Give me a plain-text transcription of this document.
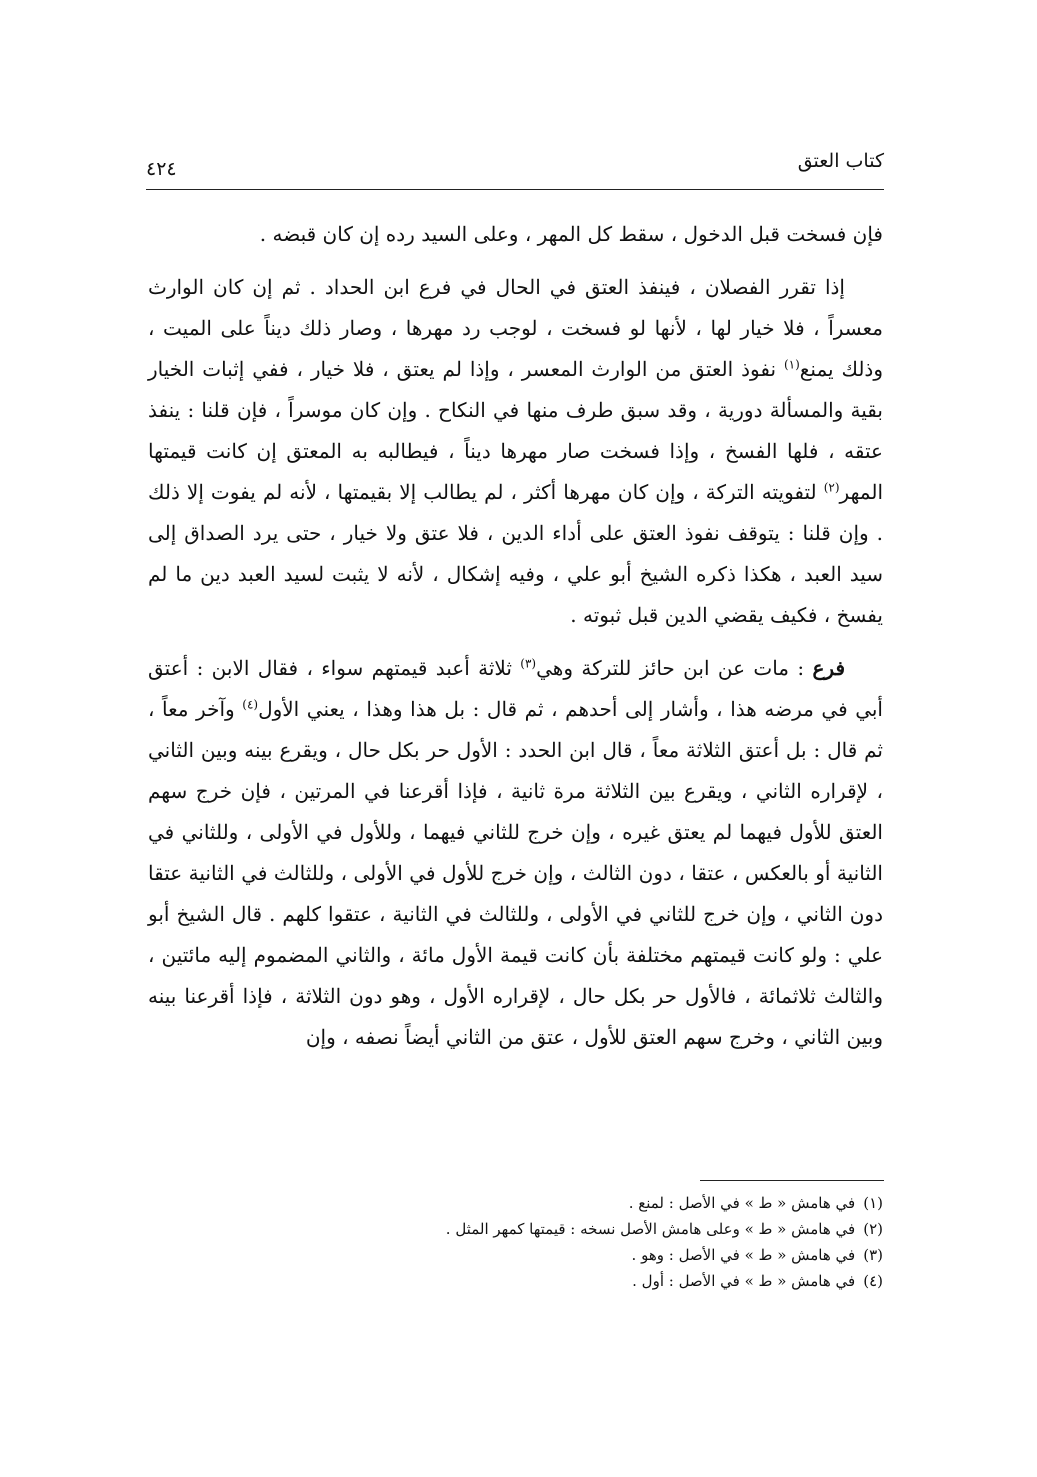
كتاب العتق
٤٢٤

فإن فسخت قبل الدخول ، سقط كل المهر ، وعلى السيد رده إن كان قبضه .

إذا تقرر الفصلان ، فينفذ العتق في الحال في فرع ابن الحداد . ثم إن كان الوارث معسراً ، فلا خيار لها ، لأنها لو فسخت ، لوجب رد مهرها ، وصار ذلك ديناً على الميت ، وذلك يمنع$^{(١)}$ نفوذ العتق من الوارث المعسر ، وإذا لم يعتق ، فلا خيار ، ففي إثبات الخيار بقية والمسألة دورية ، وقد سبق طرف منها في النكاح . وإن كان موسراً ، فإن قلنا : ينفذ عتقه ، فلها الفسخ ، وإذا فسخت صار مهرها ديناً ، فيطالبه به المعتق إن كانت قيمتها المهر$^{(٢)}$ لتفويته التركة ، وإن كان مهرها أكثر ، لم يطالب إلا بقيمتها ، لأنه لم يفوت إلا ذلك . وإن قلنا : يتوقف نفوذ العتق على أداء الدين ، فلا عتق ولا خيار ، حتى يرد الصداق إلى سيد العبد ، هكذا ذكره الشيخ أبو علي ، وفيه إشكال ، لأنه لا يثبت لسيد العبد دين ما لم يفسخ ، فكيف يقضي الدين قبل ثبوته .

فرع : مات عن ابن حائز للتركة وهي$^{(٣)}$ ثلاثة أعبد قيمتهم سواء ، فقال الابن : أعتق أبي في مرضه هذا ، وأشار إلى أحدهم ، ثم قال : بل هذا وهذا ، يعني الأول$^{(٤)}$ وآخر معاً ، ثم قال : بل أعتق الثلاثة معاً ، قال ابن الحدد : الأول حر بكل حال ، ويقرع بينه وبين الثاني ، لإقراره الثاني ، ويقرع بين الثلاثة مرة ثانية ، فإذا أقرعنا في المرتين ، فإن خرج سهم العتق للأول فيهما لم يعتق غيره ، وإن خرج للثاني فيهما ، وللأول في الأولى ، وللثاني في الثانية أو بالعكس ، عتقا ، دون الثالث ، وإن خرج للأول في الأولى ، وللثالث في الثانية عتقا دون الثاني ، وإن خرج للثاني في الأولى ، وللثالث في الثانية ، عتقوا كلهم . قال الشيخ أبو علي : ولو كانت قيمتهم مختلفة بأن كانت قيمة الأول مائة ، والثاني المضموم إليه مائتين ، والثالث ثلاثمائة ، فالأول حر بكل حال ، لإقراره الأول ، وهو دون الثلاثة ، فإذا أقرعنا بينه وبين الثاني ، وخرج سهم العتق للأول ، عتق من الثاني أيضاً نصفه ، وإن

(١)في هامش « ط » في الأصل : لمنع .

(٢)في هامش « ط » وعلى هامش الأصل نسخه : قيمتها كمهر المثل .

(٣)في هامش « ط » في الأصل : وهو .

(٤)في هامش « ط » في الأصل : أول .
